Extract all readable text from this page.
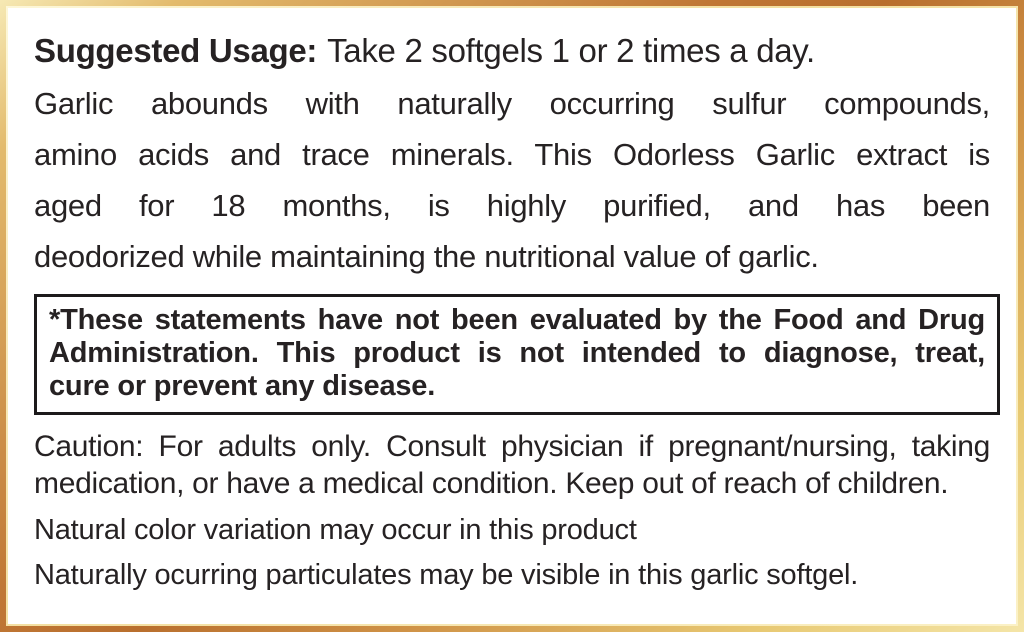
Suggested Usage: Take 2 softgels 1 or 2 times a day.
Garlic abounds with naturally occurring sulfur compounds,
amino acids and trace minerals. This Odorless Garlic extract is
aged for 18 months, is highly purified, and has been
deodorized while maintaining the nutritional value of garlic.
*These statements have not been evaluated by the Food and Drug
Administration. This product is not intended to diagnose, treat,
cure or prevent any disease.
Caution: For adults only. Consult physician if pregnant/nursing, taking
medication, or have a medical condition. Keep out of reach of children.
Natural color variation may occur in this product
Naturally ocurring particulates may be visible in this garlic softgel.
